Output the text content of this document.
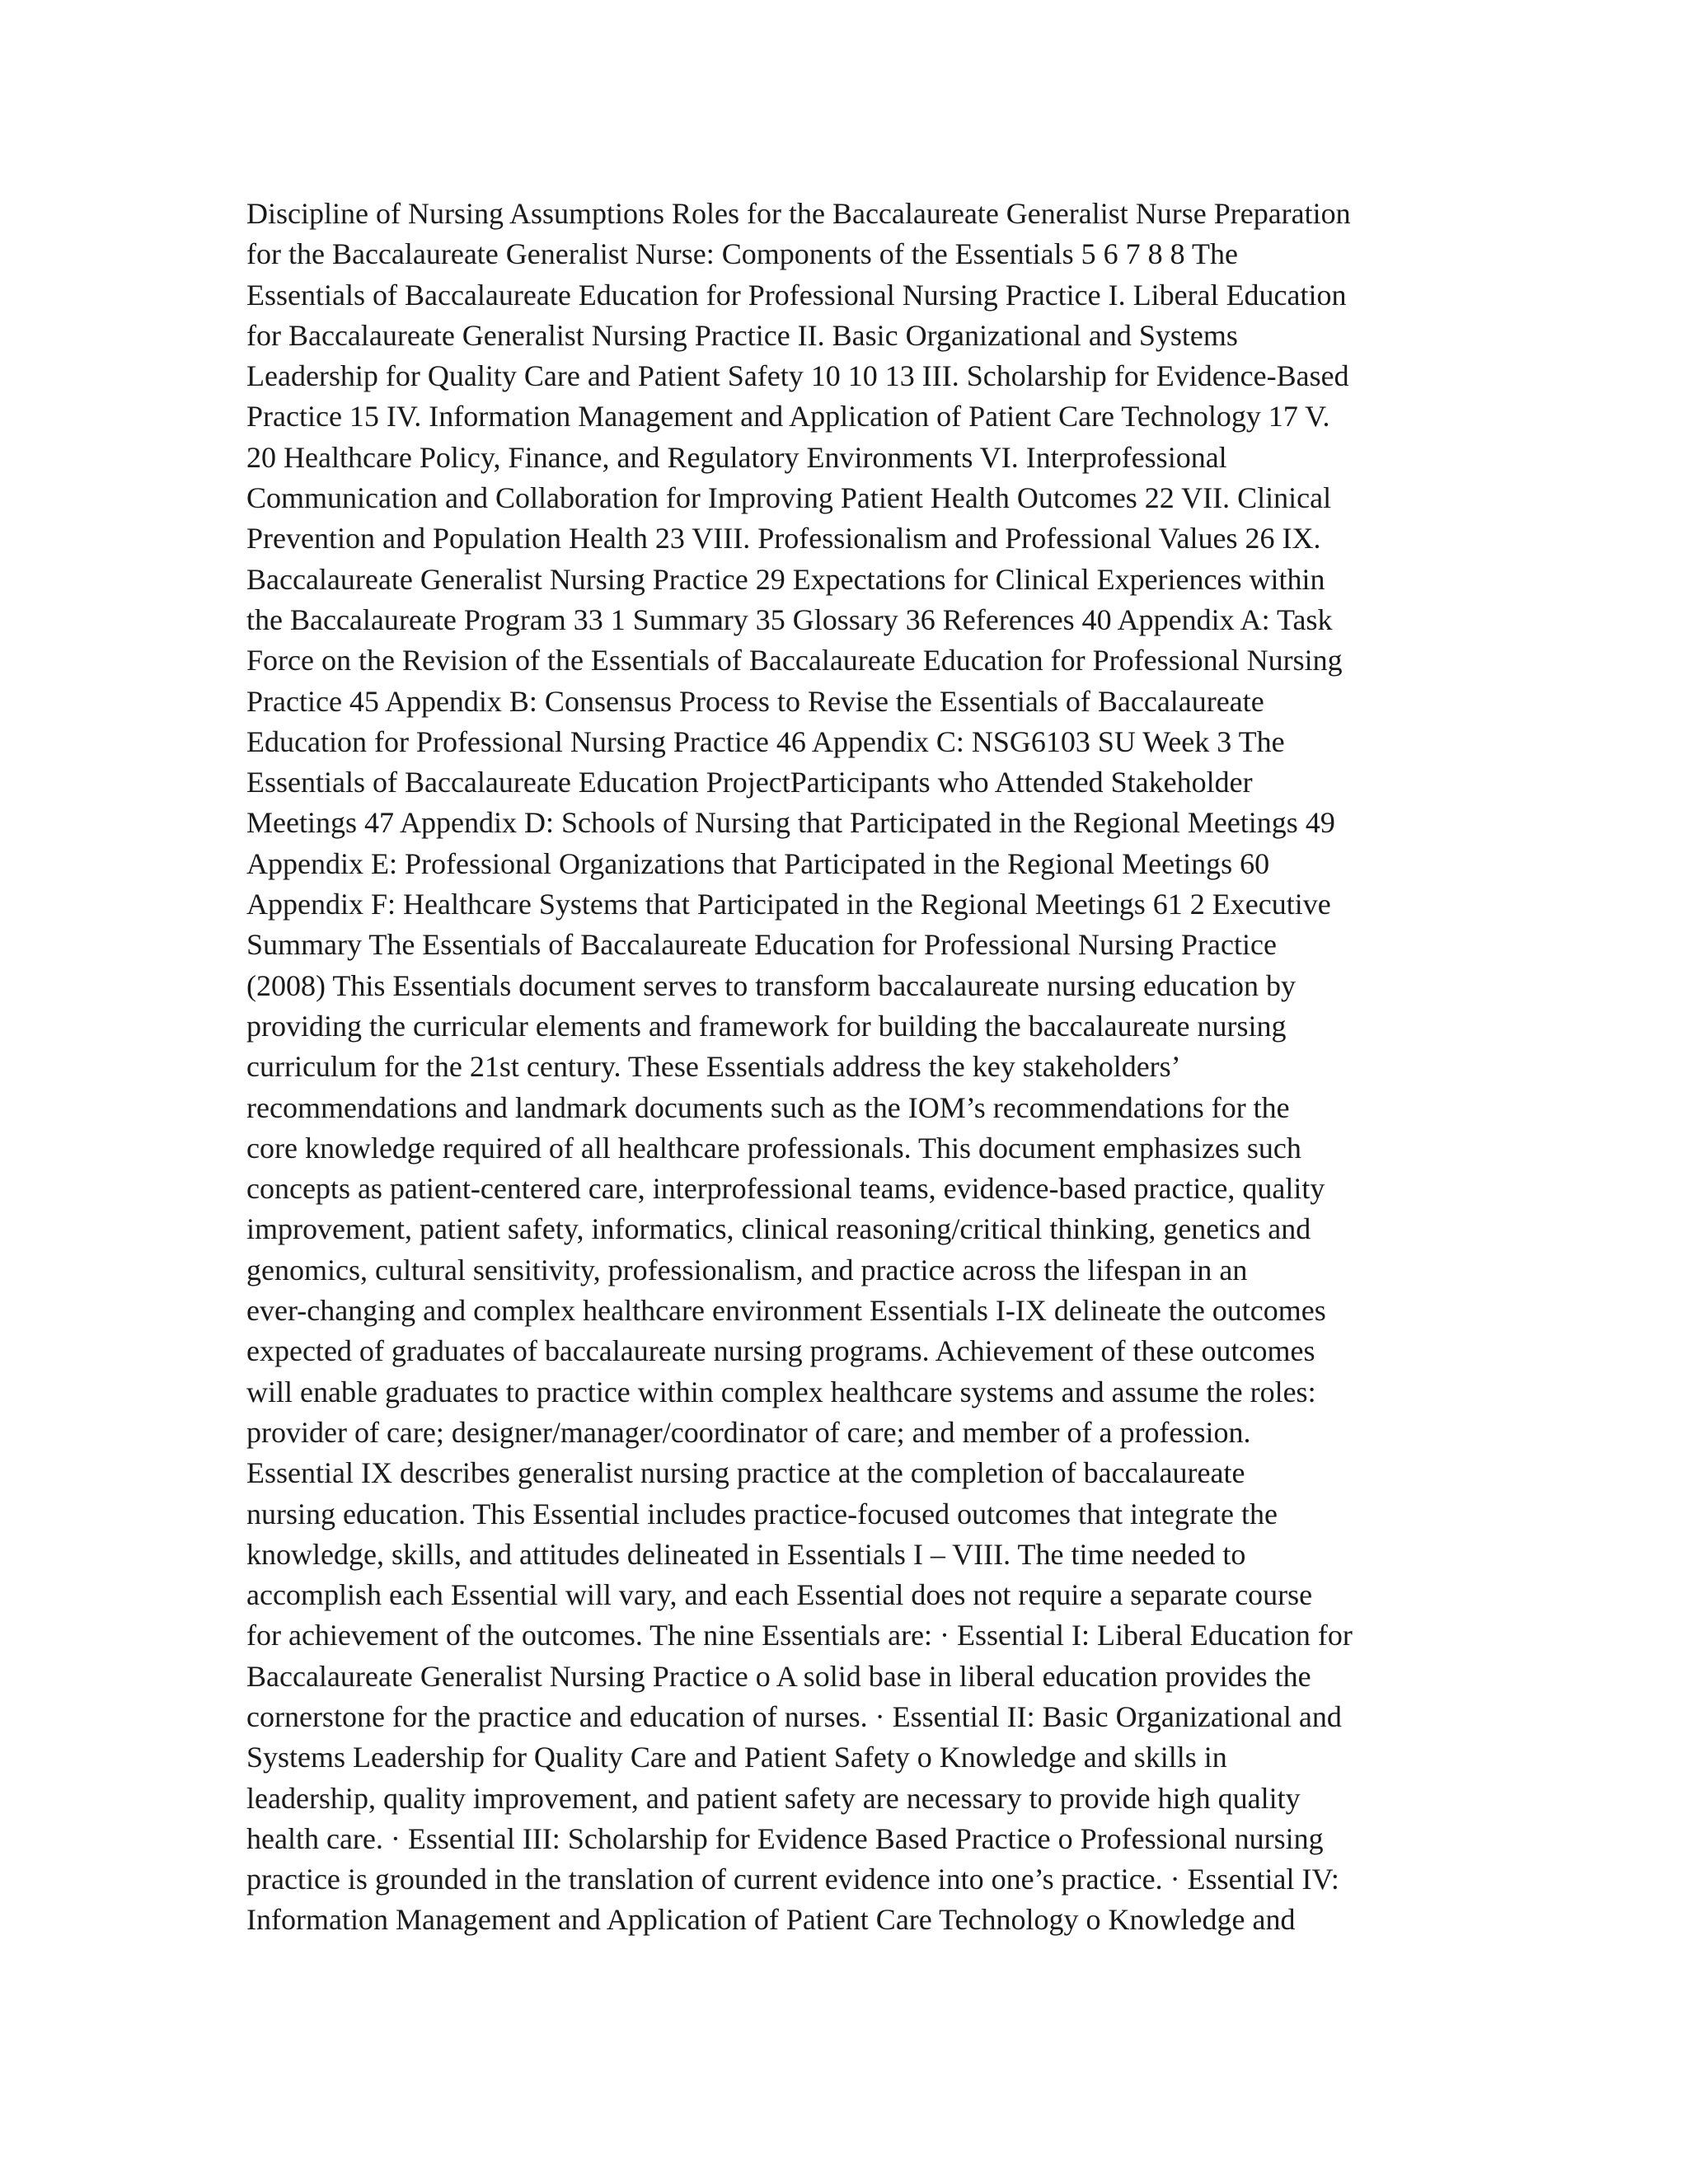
Discipline of Nursing Assumptions Roles for the Baccalaureate Generalist Nurse Preparation
for the Baccalaureate Generalist Nurse: Components of the Essentials 5 6 7 8 8 The
Essentials of Baccalaureate Education for Professional Nursing Practice I. Liberal Education
for Baccalaureate Generalist Nursing Practice II. Basic Organizational and Systems
Leadership for Quality Care and Patient Safety 10 10 13 III. Scholarship for Evidence-Based
Practice 15 IV. Information Management and Application of Patient Care Technology 17 V.
20 Healthcare Policy, Finance, and Regulatory Environments VI. Interprofessional
Communication and Collaboration for Improving Patient Health Outcomes 22 VII. Clinical
Prevention and Population Health 23 VIII. Professionalism and Professional Values 26 IX.
Baccalaureate Generalist Nursing Practice 29 Expectations for Clinical Experiences within
the Baccalaureate Program 33 1 Summary 35 Glossary 36 References 40 Appendix A: Task
Force on the Revision of the Essentials of Baccalaureate Education for Professional Nursing
Practice 45 Appendix B: Consensus Process to Revise the Essentials of Baccalaureate
Education for Professional Nursing Practice 46 Appendix C: NSG6103 SU Week 3 The
Essentials of Baccalaureate Education ProjectParticipants who Attended Stakeholder
Meetings 47 Appendix D: Schools of Nursing that Participated in the Regional Meetings 49
Appendix E: Professional Organizations that Participated in the Regional Meetings 60
Appendix F: Healthcare Systems that Participated in the Regional Meetings 61 2 Executive
Summary The Essentials of Baccalaureate Education for Professional Nursing Practice
(2008) This Essentials document serves to transform baccalaureate nursing education by
providing the curricular elements and framework for building the baccalaureate nursing
curriculum for the 21st century. These Essentials address the key stakeholders’
recommendations and landmark documents such as the IOM’s recommendations for the
core knowledge required of all healthcare professionals. This document emphasizes such
concepts as patient-centered care, interprofessional teams, evidence-based practice, quality
improvement, patient safety, informatics, clinical reasoning/critical thinking, genetics and
genomics, cultural sensitivity, professionalism, and practice across the lifespan in an
ever-changing and complex healthcare environment Essentials I-IX delineate the outcomes
expected of graduates of baccalaureate nursing programs. Achievement of these outcomes
will enable graduates to practice within complex healthcare systems and assume the roles:
provider of care; designer/manager/coordinator of care; and member of a profession.
Essential IX describes generalist nursing practice at the completion of baccalaureate
nursing education. This Essential includes practice-focused outcomes that integrate the
knowledge, skills, and attitudes delineated in Essentials I – VIII. The time needed to
accomplish each Essential will vary, and each Essential does not require a separate course
for achievement of the outcomes. The nine Essentials are: · Essential I: Liberal Education for
Baccalaureate Generalist Nursing Practice o A solid base in liberal education provides the
cornerstone for the practice and education of nurses. · Essential II: Basic Organizational and
Systems Leadership for Quality Care and Patient Safety o Knowledge and skills in
leadership, quality improvement, and patient safety are necessary to provide high quality
health care. · Essential III: Scholarship for Evidence Based Practice o Professional nursing
practice is grounded in the translation of current evidence into one’s practice. · Essential IV:
Information Management and Application of Patient Care Technology o Knowledge and
